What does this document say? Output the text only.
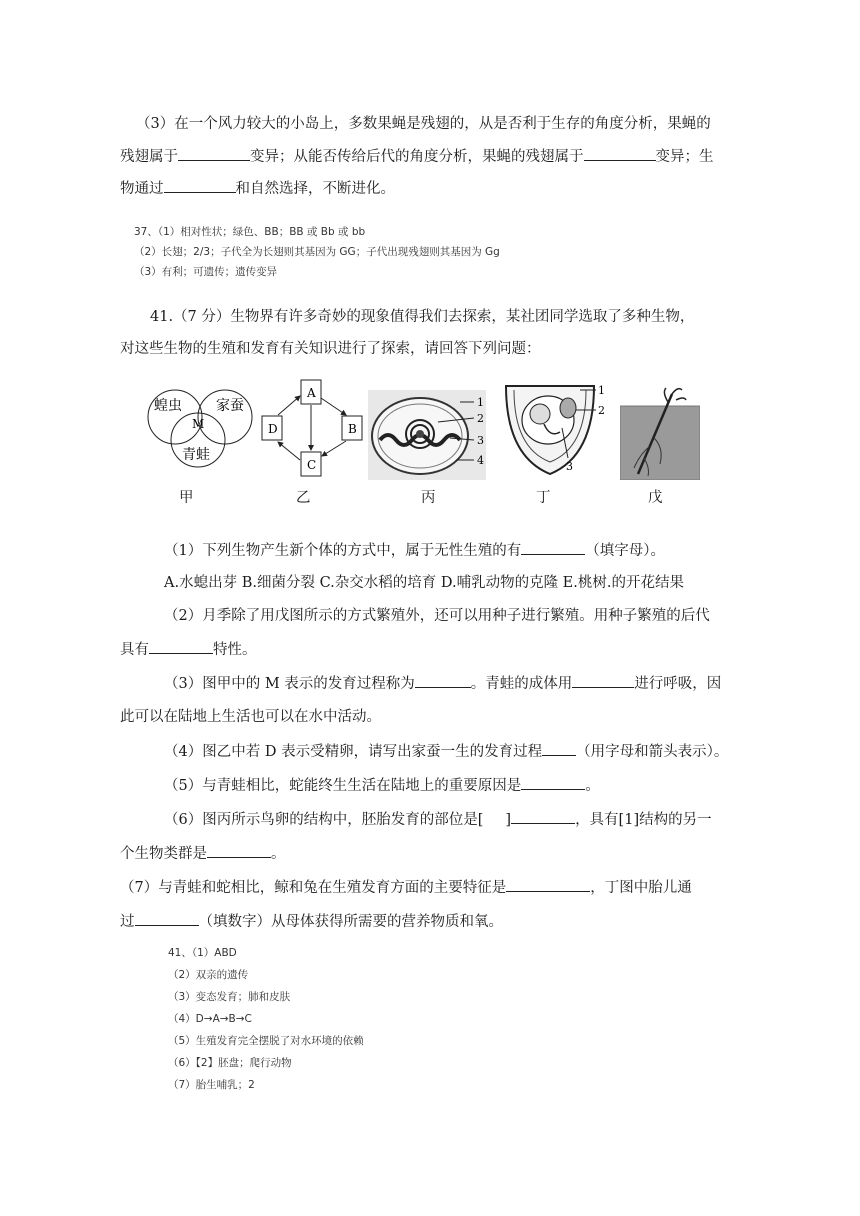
（3）在一个风力较大的小岛上，多数果蝇是残翅的，从是否利于生存的角度分析，果蝇的
残翅属于	变异；从能否传给后代的角度分析，果蝇的残翅属于	变异；生
物通过	和自然选择，不断进化。
37、（1）相对性状；绿色、BB；BB 或 Bb 或 bb
（2）长翅；2/3；子代全为长翅则其基因为 GG；子代出现残翅则其基因为 Gg
（3）有利；可遗传；遗传变异
41.（7 分）生物界有许多奇妙的现象值得我们去探索，某社团同学选取了多种生物，
对这些生物的生殖和发育有关知识进行了探索，请回答下列问题：
蝗虫 家蚕
M
青蛙
甲
A
B
C
D
乙
1
2
3
4
丙
1
2
3
丁	戊
（1）下列生物产生新个体的方式中，属于无性生殖的有	（填字母）。
A.水螅出芽 B.细菌分裂 C.杂交水稻的培育 D.哺乳动物的克隆 E.桃树.的开花结果
（2）月季除了用戊图所示的方式繁殖外，还可以用种子进行繁殖。用种子繁殖的后代
具有	特性。
（3）图甲中的 M 表示的发育过程称为	。青蛙的成体用	进行呼吸，因
此可以在陆地上生活也可以在水中活动。
（4）图乙中若 D 表示受精卵，请写出家蚕一生的发育过程 （用字母和箭头表示）。
（5）与青蛙相比，蛇能终生生活在陆地上的重要原因是	。
（6）图丙所示鸟卵的结构中，胚胎发育的部位是[ ]	，具有[1]结构的另一
个生物类群是	。
（7）与青蛙和蛇相比，鲸和兔在生殖发育方面的主要特征是	，丁图中胎儿通
过	（填数字）从母体获得所需要的营养物质和氧。
41、（1）ABD
（2）双亲的遗传
（3）变态发育；肺和皮肤
（4）D→A→B→C
（5）生殖发育完全摆脱了对水环境的依赖
（6）【2】胚盘；爬行动物
（7）胎生哺乳；2
